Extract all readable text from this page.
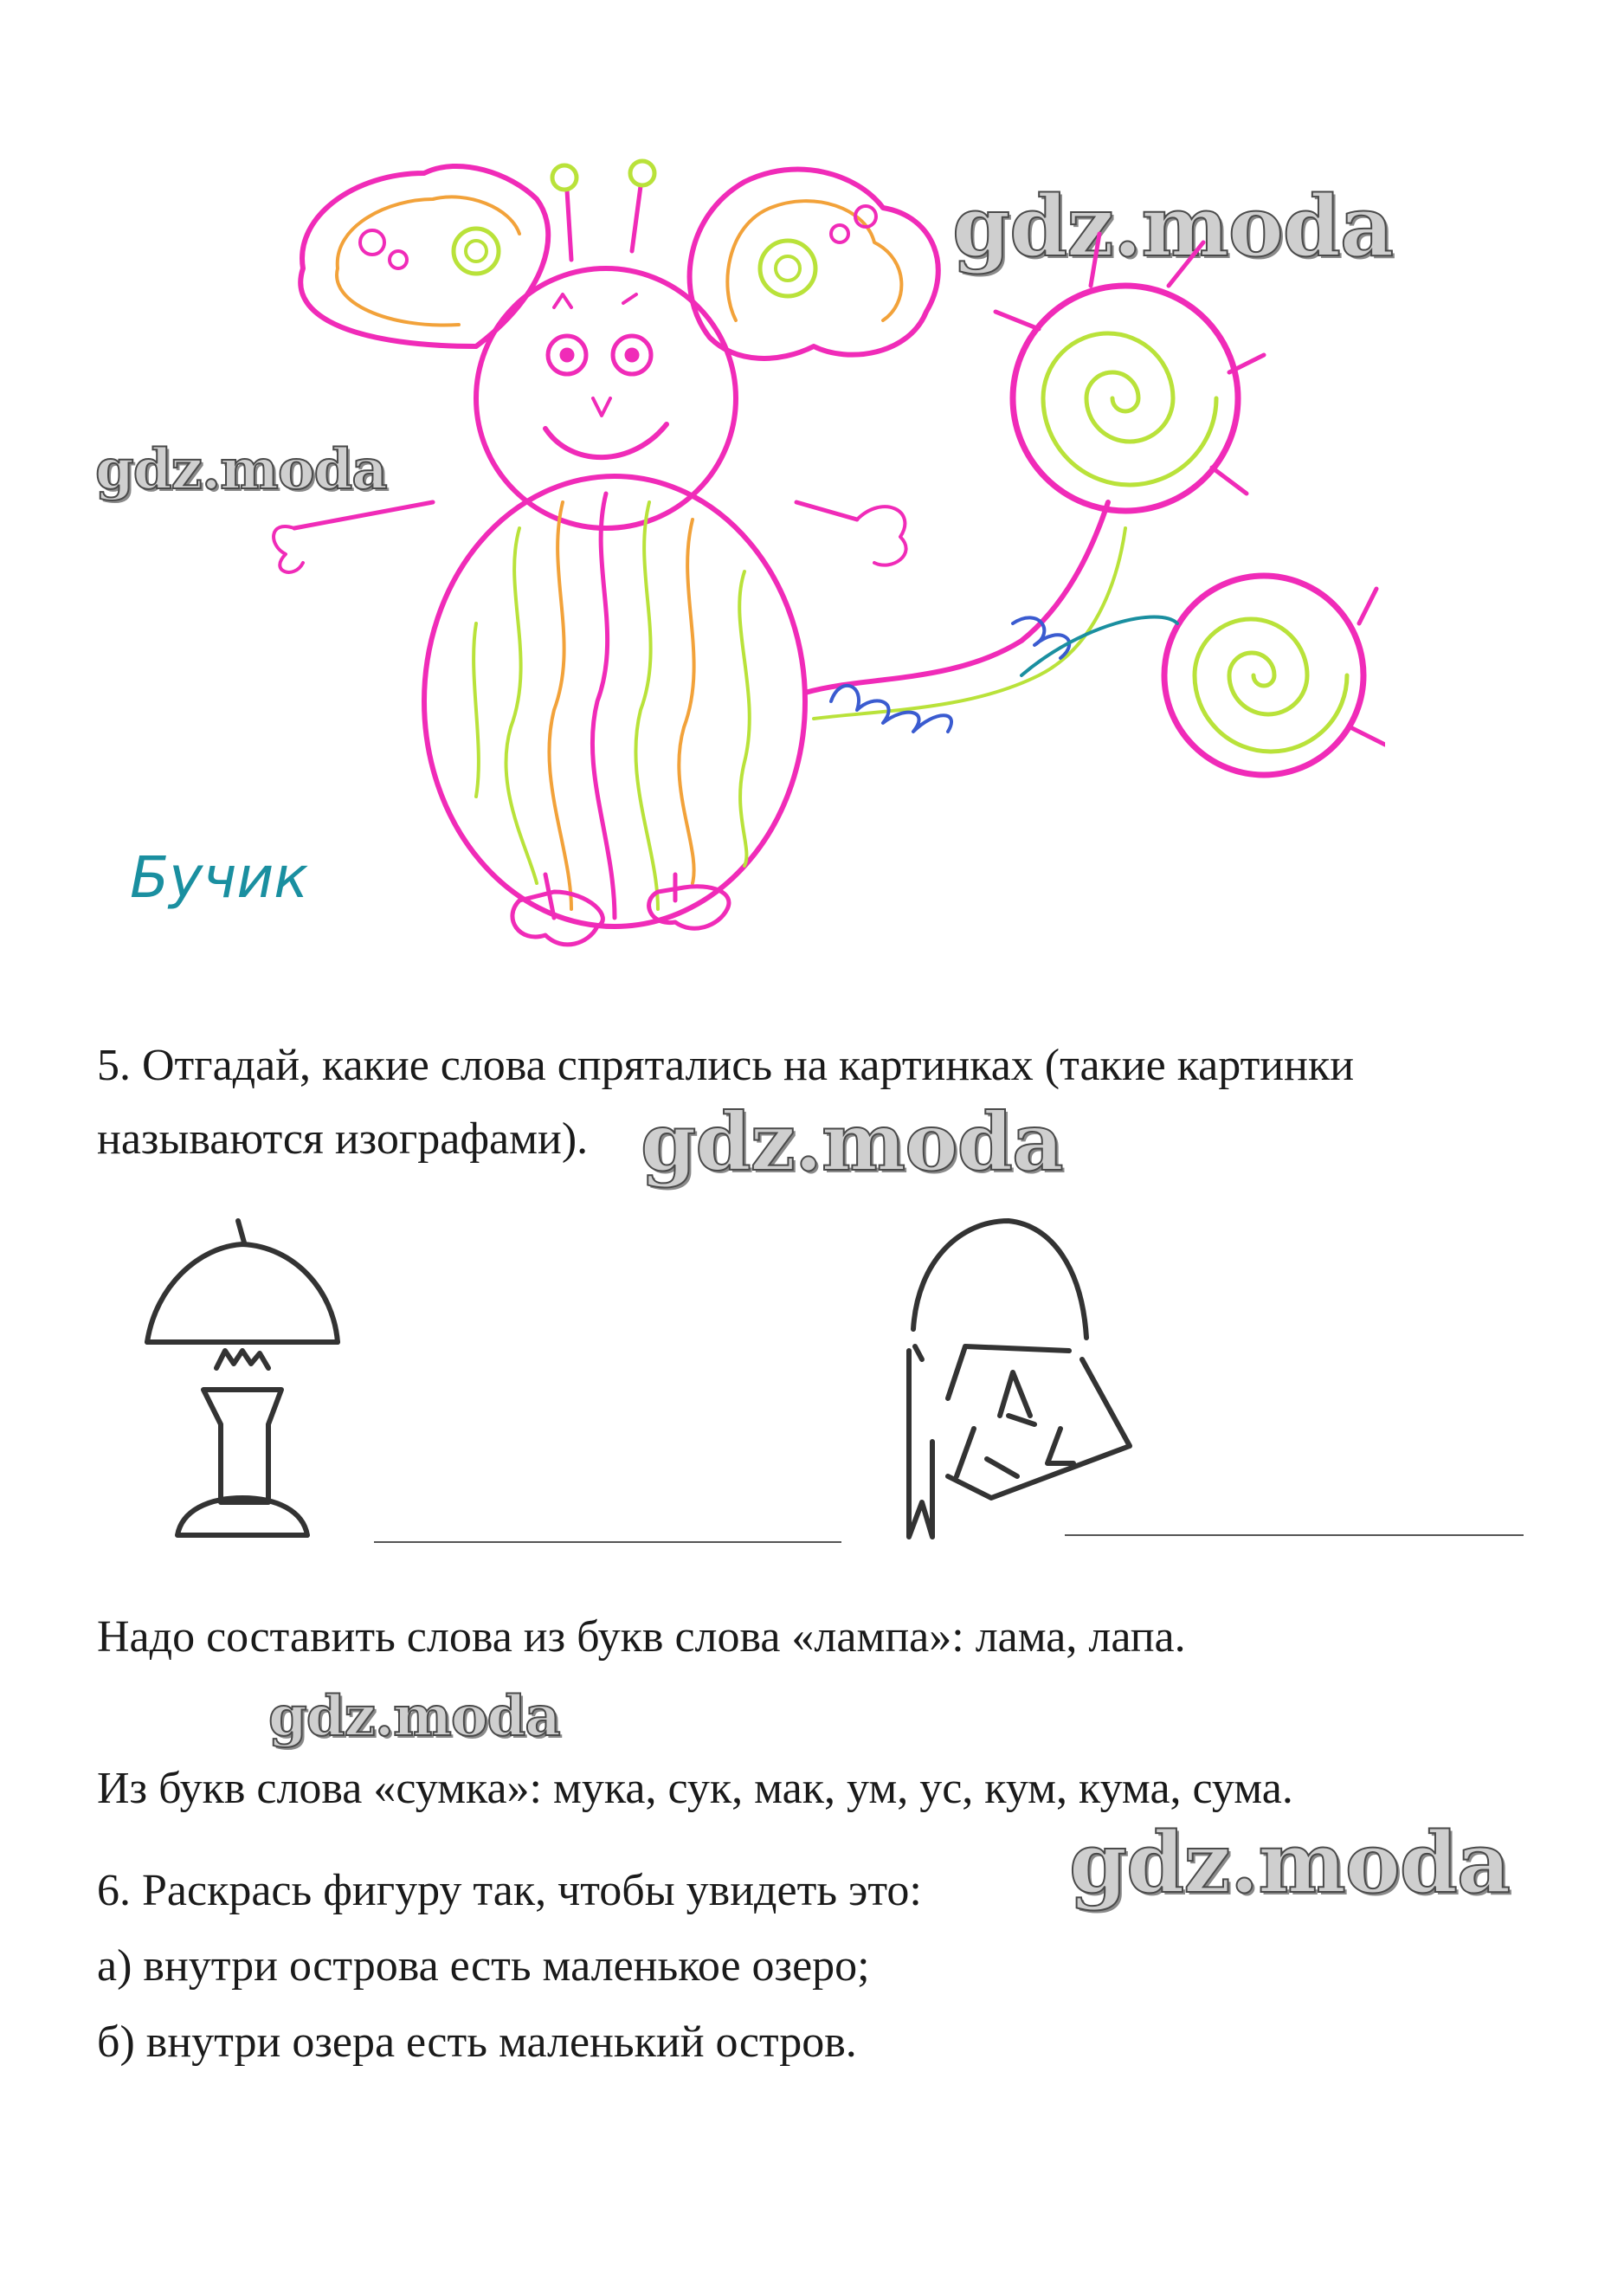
gdz.moda
gdz.moda
gdz.moda
gdz.moda
gdz.moda
Бучик
5. Отгадай, какие слова спрятались на картинках (такие картинки
называются изографами).
Надо составить слова из букв слова «лампа»: лама, лапа.
Из букв слова «сумка»: мука, сук, мак, ум, ус, кум, кума, сума.
6. Раскрась фигуру так, чтобы увидеть это:
а) внутри острова есть маленькое озеро;
б) внутри озера есть маленький остров.
